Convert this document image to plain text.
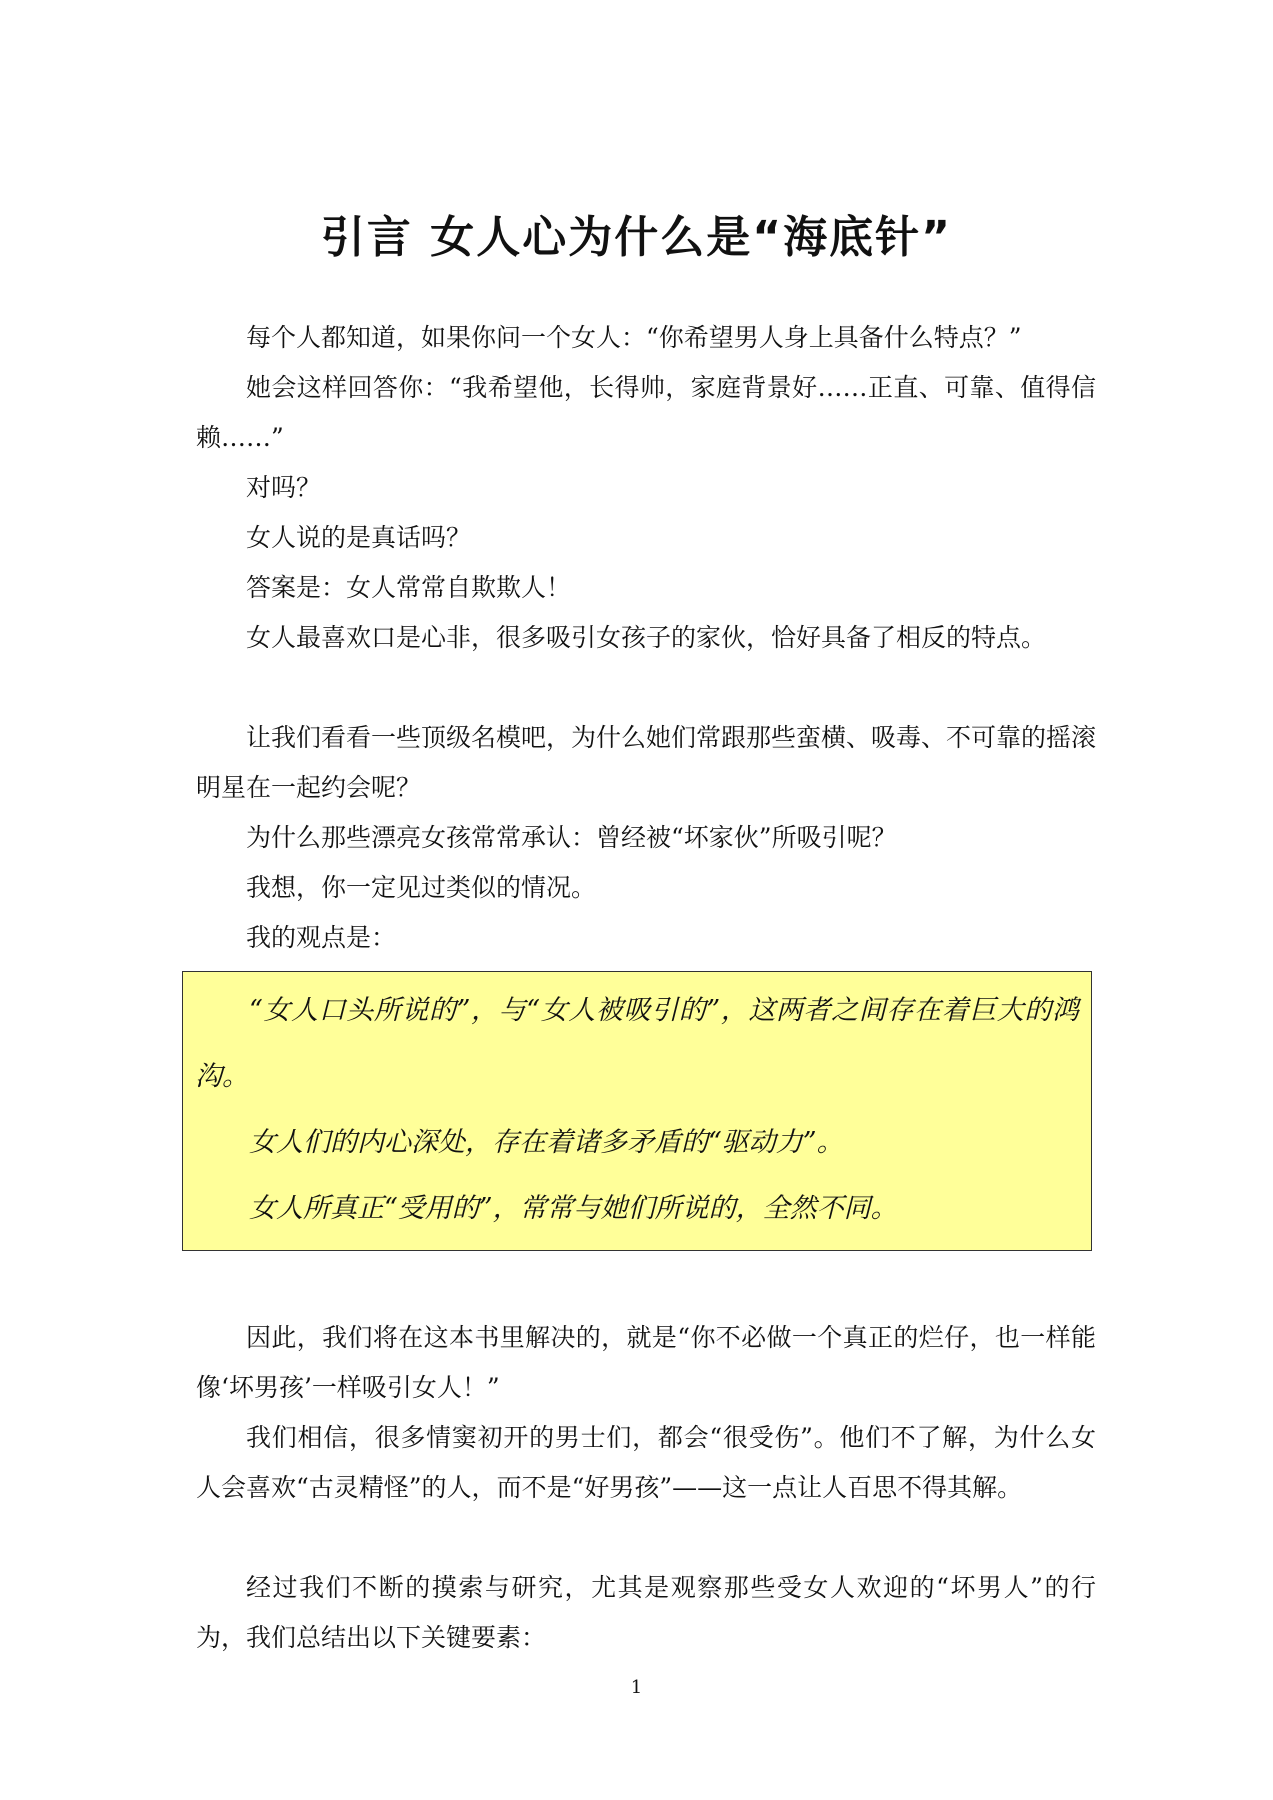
引言 女人心为什么是“海底针”

每个人都知道，如果你问一个女人：“你希望男人身上具备什么特点？”

她会这样回答你：“我希望他，长得帅，家庭背景好……正直、可靠、值得信赖……”

对吗？

女人说的是真话吗？

答案是：女人常常自欺欺人！

女人最喜欢口是心非，很多吸引女孩子的家伙，恰好具备了相反的特点。

让我们看看一些顶级名模吧，为什么她们常跟那些蛮横、吸毒、不可靠的摇滚明星在一起约会呢？

为什么那些漂亮女孩常常承认：曾经被“坏家伙”所吸引呢？

我想，你一定见过类似的情况。

我的观点是：

“女人口头所说的”，与“女人被吸引的”，这两者之间存在着巨大的鸿沟。

女人们的内心深处，存在着诸多矛盾的“驱动力”。

女人所真正“受用的”，常常与她们所说的，全然不同。

因此，我们将在这本书里解决的，就是“你不必做一个真正的烂仔，也一样能像‘坏男孩’一样吸引女人！”

我们相信，很多情窦初开的男士们，都会“很受伤”。他们不了解，为什么女人会喜欢“古灵精怪”的人，而不是“好男孩”——这一点让人百思不得其解。

经过我们不断的摸索与研究，尤其是观察那些受女人欢迎的“坏男人”的行为，我们总结出以下关键要素：

1
